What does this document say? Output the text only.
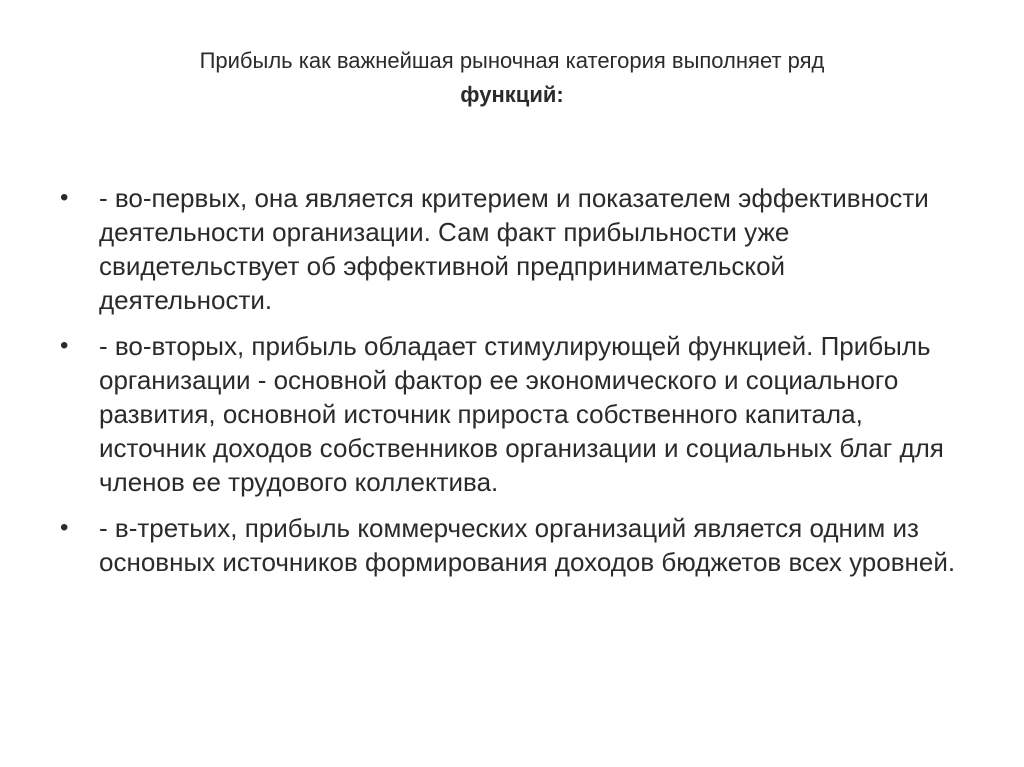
Прибыль как важнейшая рыночная категория выполняет ряд
функций:
•	- во-первых, она является критерием и показателем эффективности деятельности организации. Сам факт прибыльности уже свидетельствует об эффективной предпринимательской деятельности.
•	- во-вторых, прибыль обладает стимулирующей функцией. Прибыль организации - основной фактор ее экономического и социального развития, основной источник прироста собственного капитала, источник доходов собственников организации и социальных благ для членов ее трудового коллектива.
•	- в-третьих, прибыль коммерческих организаций является одним из основных источников формирования доходов бюджетов всех уровней.
